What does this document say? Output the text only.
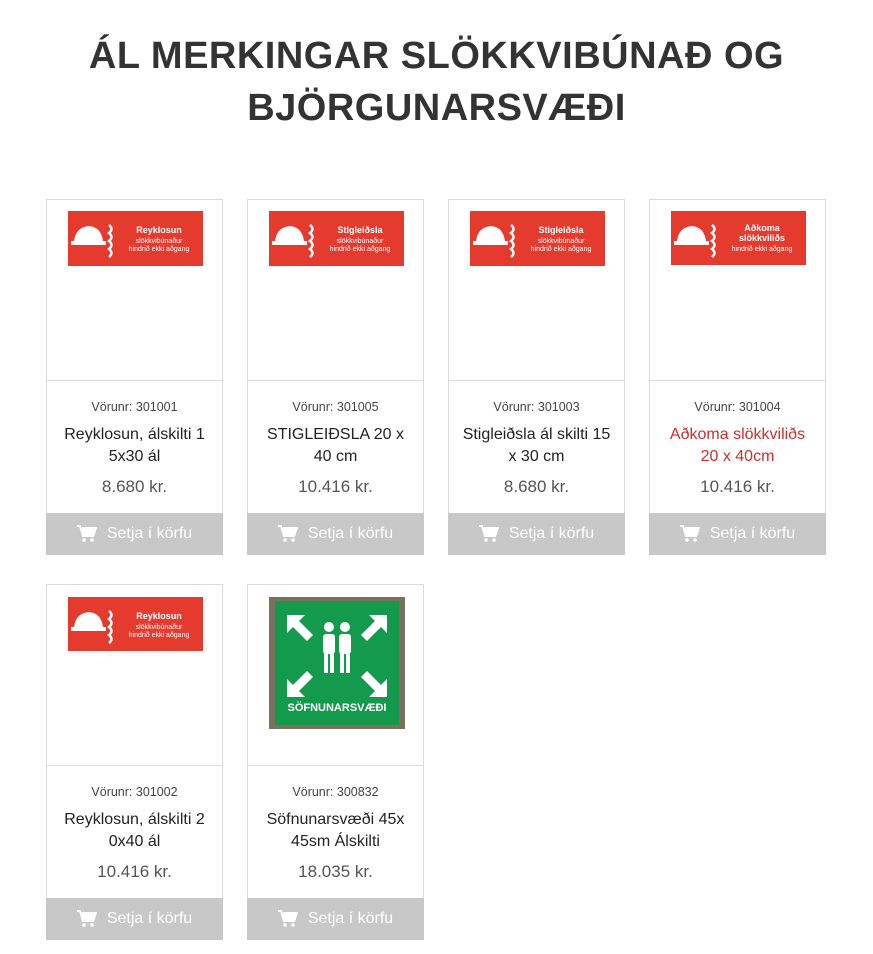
ÁL MERKINGAR SLÖKKVIBÚNAÐ OG
BJÖRGUNARSVÆÐI
Reyklosun
slökkvibúnaður
hindrið ekki aðgang
Vörunr: 301001
Reyklosun, álskilti 1 5x30 ál
8.680 kr.
Setja í körfu
Stigleiðsla
slökkvibúnaður
hindrið ekki aðgang
Vörunr: 301005
STIGLEIÐSLA 20 x 40 cm
10.416 kr.
Setja í körfu
Stigleiðsla
slökkvibúnaður
hindrið ekki aðgang
Vörunr: 301003
Stigleiðsla ál skilti 15 x 30 cm
8.680 kr.
Setja í körfu
Aðkoma slökkviliðs
hindrið ekki aðgang
Vörunr: 301004
Aðkoma slökkviliðs 20 x 40cm
10.416 kr.
Setja í körfu
Reyklosun
slökkvibúnaður
hindrið ekki aðgang
Vörunr: 301002
Reyklosun, álskilti 2 0x40 ál
10.416 kr.
Setja í körfu
SÖFNUNARSVÆÐI
Vörunr: 300832
Söfnunarsvæði 45x 45sm Álskilti
18.035 kr.
Setja í körfu
